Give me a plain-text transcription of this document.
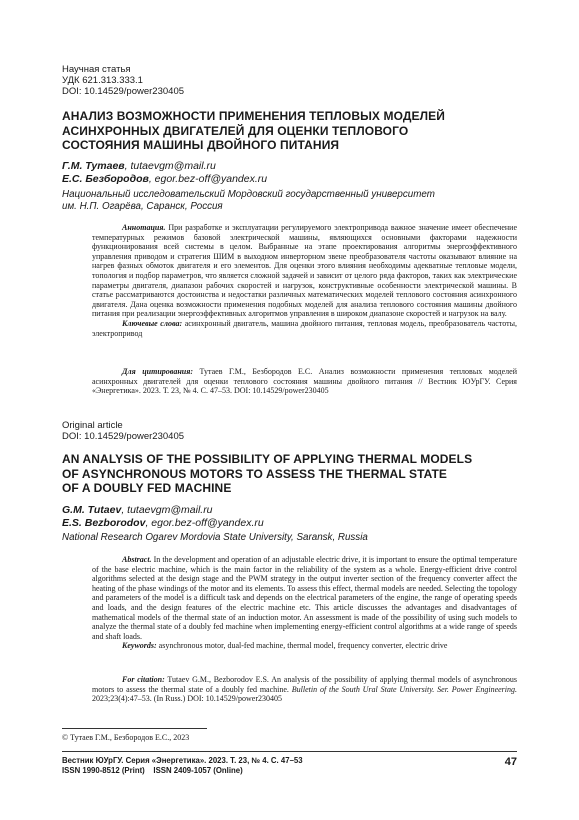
Научная статья
УДК 621.313.333.1
DOI: 10.14529/power230405
АНАЛИЗ ВОЗМОЖНОСТИ ПРИМЕНЕНИЯ ТЕПЛОВЫХ МОДЕЛЕЙ
АСИНХРОННЫХ ДВИГАТЕЛЕЙ ДЛЯ ОЦЕНКИ ТЕПЛОВОГО
СОСТОЯНИЯ МАШИНЫ ДВОЙНОГО ПИТАНИЯ
Г.М. Тутаев, tutaevgm@mail.ru
Е.С. Безбородов, egor.bez-off@yandex.ru
Национальный исследовательский Мордовский государственный университет
им. Н.П. Огарёва, Саранск, Россия

Аннотация. При разработке и эксплуатации регулируемого электропривода важное значение имеет обеспечение температурных режимов базовой электрической машины, являющихся основными факторами надежности функционирования всей системы в целом. Выбранные на этапе проектирования алгоритмы энергоэффективного управления приводом и стратегия ШИМ в выходном инверторном звене преобразователя частоты оказывают влияние на нагрев фазных обмоток двигателя и его элементов. Для оценки этого влияния необходимы адекватные тепловые модели, топология и подбор параметров, что является сложной задачей и зависит от целого ряда факторов, таких как электрические параметры двигателя, диапазон рабочих скоростей и нагрузок, конструктивные особенности электрической машины. В статье рассматриваются достоинства и недостатки различных математических моделей теплового состояния асинхронного двигателя. Дана оценка возможности применения подобных моделей для анализа теплового состояния машины двойного питания при реализации энергоэффективных алгоритмов управления в широком диапазоне скоростей и нагрузок на валу.

Ключевые слова: асинхронный двигатель, машина двойного питания, тепловая модель, преобразователь частоты, электропривод

Для цитирования: Тутаев Г.М., Безбородов Е.С. Анализ возможности применения тепловых моделей асинхронных двигателей для оценки теплового состояния машины двойного питания // Вестник ЮУрГУ. Серия «Энергетика». 2023. Т. 23, № 4. С. 47–53. DOI: 10.14529/power230405

Original article
DOI: 10.14529/power230405
AN ANALYSIS OF THE POSSIBILITY OF APPLYING THERMAL MODELS
OF ASYNCHRONOUS MOTORS TO ASSESS THE THERMAL STATE
OF A DOUBLY FED MACHINE
G.M. Tutaev, tutaevgm@mail.ru
E.S. Bezborodov, egor.bez-off@yandex.ru
National Research Ogarev Mordovia State University, Saransk, Russia

Abstract. In the development and operation of an adjustable electric drive, it is important to ensure the optimal temperature of the base electric machine, which is the main factor in the reliability of the system as a whole. Energy-efficient drive control algorithms selected at the design stage and the PWM strategy in the output inverter section of the frequency converter affect the heating of the phase windings of the motor and its elements. To assess this effect, thermal models are needed. Selecting the topology and parameters of the model is a difficult task and depends on the electrical parameters of the engine, the range of operating speeds and loads, and the design features of the electric machine etc. This article discusses the advantages and disadvantages of mathematical models of the thermal state of an induction motor. An assessment is made of the possibility of using such models to analyze the thermal state of a doubly fed machine when implementing energy-efficient control algorithms at a wide range of speeds and shaft loads.

Keywords: asynchronous motor, dual-fed machine, thermal model, frequency converter, electric drive

For citation: Tutaev G.M., Bezborodov E.S. An analysis of the possibility of applying thermal models of asynchronous motors to assess the thermal state of a doubly fed machine. Bulletin of the South Ural State University. Ser. Power Engineering. 2023;23(4):47–53. (In Russ.) DOI: 10.14529/power230405

© Тутаев Г.М., Безбородов Е.С., 2023
Вестник ЮУрГУ. Серия «Энергетика». 2023. Т. 23, № 4. С. 47–53
ISSN 1990-8512 (Print)    ISSN 2409-1057 (Online)
47
